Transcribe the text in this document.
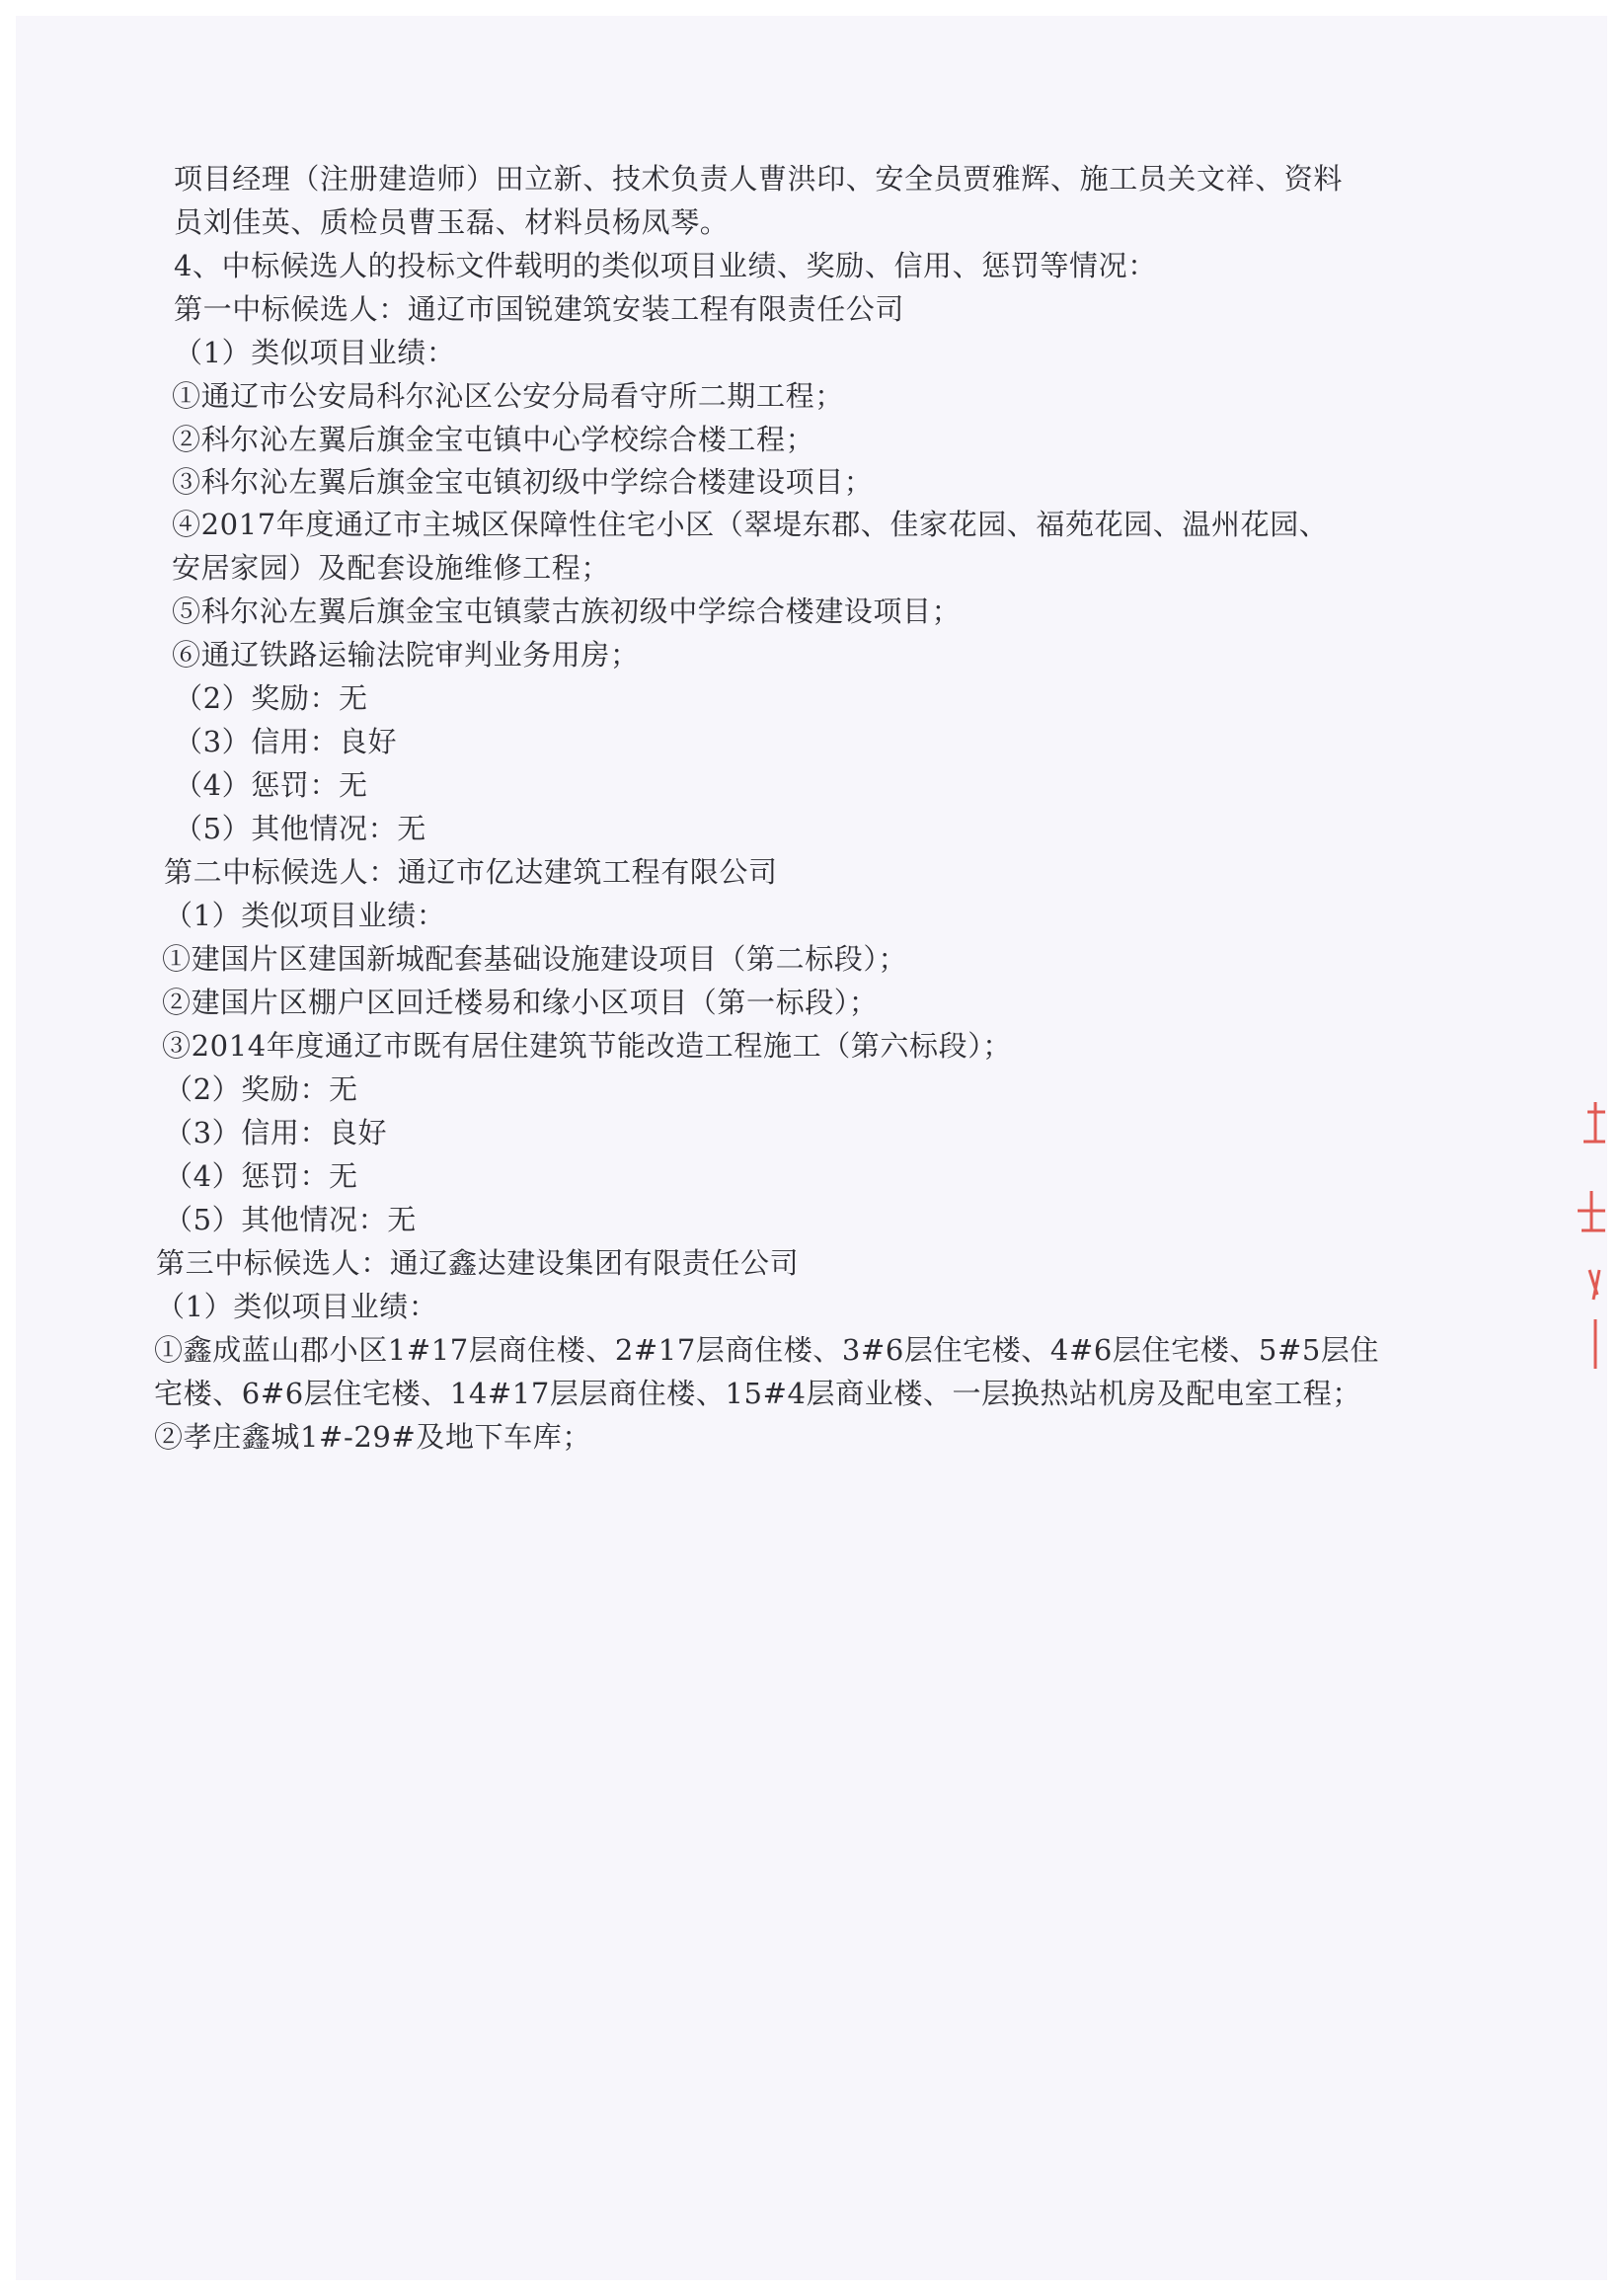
项目经理（注册建造师）田立新、技术负责人曹洪印、安全员贾雅辉、施工员关文祥、资料
员刘佳英、质检员曹玉磊、材料员杨凤琴。
4、中标候选人的投标文件载明的类似项目业绩、奖励、信用、惩罚等情况：
第一中标候选人：通辽市国锐建筑安装工程有限责任公司
（1）类似项目业绩：
①通辽市公安局科尔沁区公安分局看守所二期工程；
②科尔沁左翼后旗金宝屯镇中心学校综合楼工程；
③科尔沁左翼后旗金宝屯镇初级中学综合楼建设项目；
④2017年度通辽市主城区保障性住宅小区（翠堤东郡、佳家花园、福苑花园、温州花园、
安居家园）及配套设施维修工程；
⑤科尔沁左翼后旗金宝屯镇蒙古族初级中学综合楼建设项目；
⑥通辽铁路运输法院审判业务用房；
（2）奖励：无
（3）信用：良好
（4）惩罚：无
（5）其他情况：无
第二中标候选人：通辽市亿达建筑工程有限公司
（1）类似项目业绩：
①建国片区建国新城配套基础设施建设项目（第二标段）；
②建国片区棚户区回迁楼易和缘小区项目（第一标段）；
③2014年度通辽市既有居住建筑节能改造工程施工（第六标段）；
（2）奖励：无
（3）信用：良好
（4）惩罚：无
（5）其他情况：无
第三中标候选人：通辽鑫达建设集团有限责任公司
（1）类似项目业绩：
①鑫成蓝山郡小区1#17层商住楼、2#17层商住楼、3#6层住宅楼、4#6层住宅楼、5#5层住
宅楼、6#6层住宅楼、14#17层层商住楼、15#4层商业楼、一层换热站机房及配电室工程；
②孝庄鑫城1#-29#及地下车库；
